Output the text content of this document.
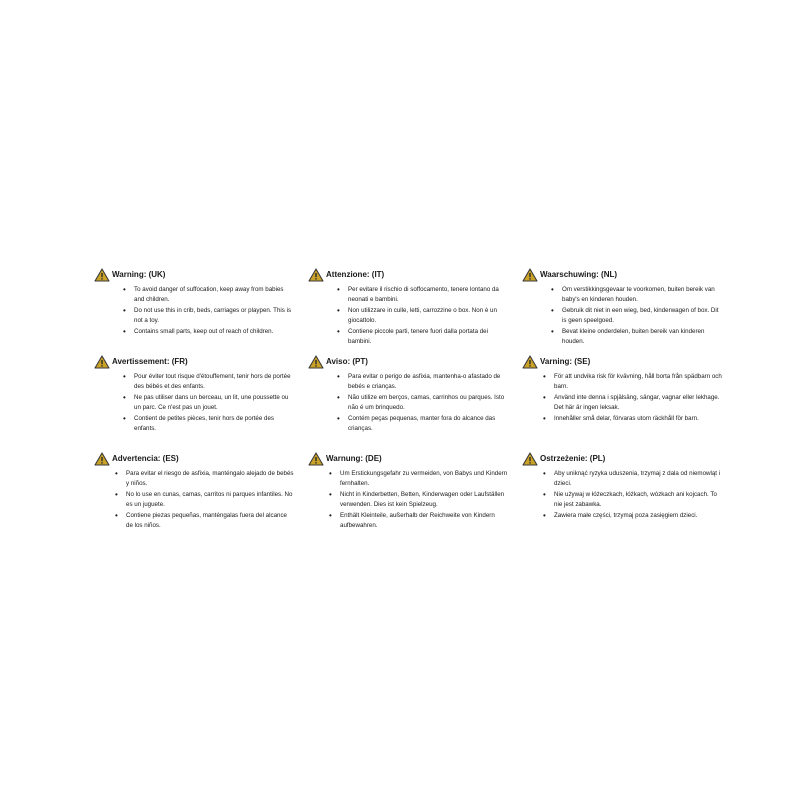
Warning: (UK)
• To avoid danger of suffocation, keep away from babies and children.
• Do not use this in crib, beds, carriages or playpen. This is not a toy.
• Contains small parts, keep out of reach of children.
Attenzione: (IT)
• Per evitare il rischio di soffocamento, tenere lontano da neonati e bambini.
• Non utilizzare in culle, letti, carrozzine o box. Non è un giocattolo.
• Contiene piccole parti, tenere fuori dalla portata dei bambini.
Waarschuwing: (NL)
• Om verstikkingsgevaar te voorkomen, buiten bereik van baby's en kinderen houden.
• Gebruik dit niet in een wieg, bed, kinderwagen of box. Dit is geen speelgoed.
• Bevat kleine onderdelen, buiten bereik van kinderen houden.
Avertissement: (FR)
• Pour éviter tout risque d'étouffement, tenir hors de portée des bébés et des enfants.
• Ne pas utiliser dans un berceau, un lit, une poussette ou un parc. Ce n'est pas un jouet.
• Contient de petites pièces, tenir hors de portée des enfants.
Aviso: (PT)
• Para evitar o perigo de asfixia, mantenha-o afastado de bebés e crianças.
• Não utilize em berços, camas, carrinhos ou parques. Isto não é um brinquedo.
• Contém peças pequenas, manter fora do alcance das crianças.
Varning: (SE)
• För att undvika risk för kvävning, håll borta från spädbarn och barn.
• Använd inte denna i spjälsäng, sängar, vagnar eller lekhage. Det här är ingen leksak.
• Innehåller små delar, förvaras utom räckhåll för barn.
Advertencia: (ES)
• Para evitar el riesgo de asfixia, manténgalo alejado de bebés y niños.
• No lo use en cunas, camas, carritos ni parques infantiles. No es un juguete.
• Contiene piezas pequeñas, manténgalas fuera del alcance de los niños.
Warnung: (DE)
• Um Erstickungsgefahr zu vermeiden, von Babys und Kindern fernhalten.
• Nicht in Kinderbetten, Betten, Kinderwagen oder Laufställen verwenden. Dies ist kein Spielzeug.
• Enthält Kleinteile, außerhalb der Reichweite von Kindern aufbewahren.
Ostrzeżenie: (PL)
• Aby uniknąć ryzyka uduszenia, trzymaj z dala od niemowląt i dzieci.
• Nie używaj w łóżeczkach, łóżkach, wózkach ani kojcach. To nie jest zabawka.
• Zawiera małe części, trzymaj poza zasięgiem dzieci.
